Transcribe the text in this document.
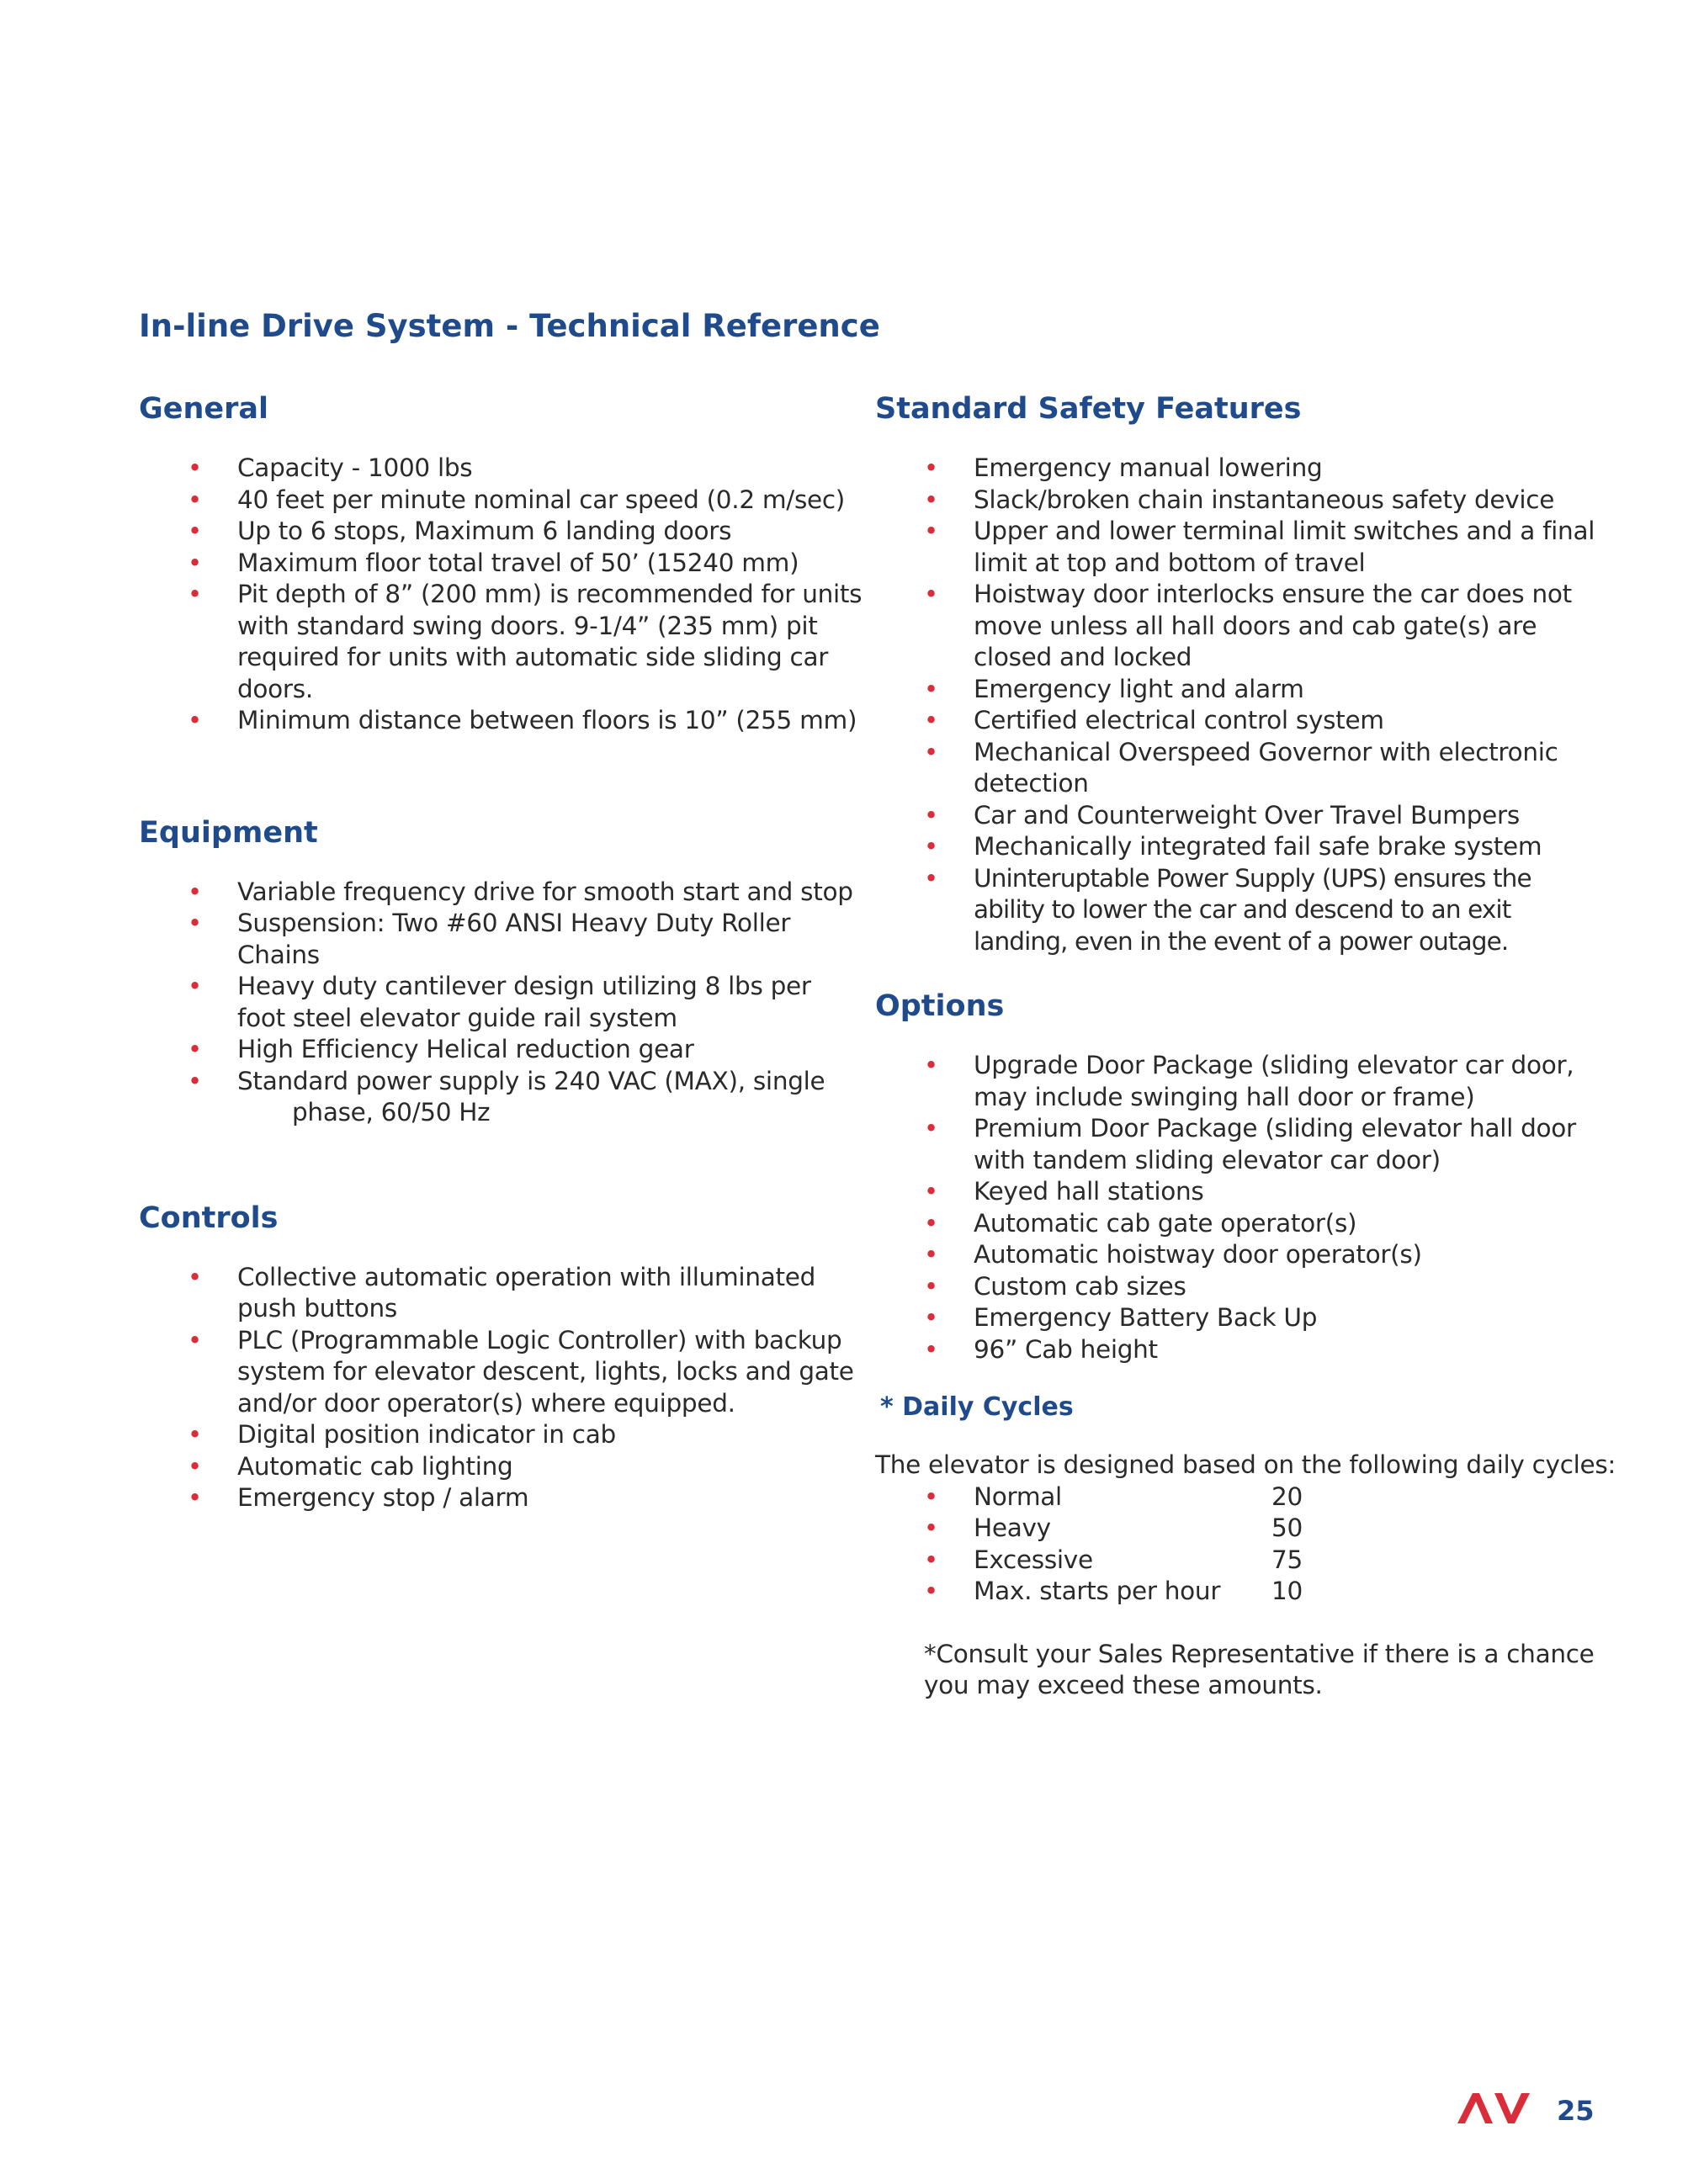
In-line Drive System - Technical Reference
General
• Capacity - 1000 lbs
• 40 feet per minute nominal car speed (0.2 m/sec)
• Up to 6 stops, Maximum 6 landing doors
• Maximum floor total travel of 50’ (15240 mm)
• Pit depth of 8” (200 mm) is recommended for units with standard swing doors. 9-1/4” (235 mm) pit required for units with automatic side sliding car doors.
• Minimum distance between floors is 10” (255 mm)
Equipment
• Variable frequency drive for smooth start and stop
• Suspension: Two #60 ANSI Heavy Duty Roller Chains
• Heavy duty cantilever design utilizing 8 lbs per foot steel elevator guide rail system
• High Efficiency Helical reduction gear
• Standard power supply is 240 VAC (MAX), single
phase, 60/50 Hz
Controls
• Collective automatic operation with illuminated push buttons
• PLC (Programmable Logic Controller) with backup system for elevator descent, lights, locks and gate and/or door operator(s) where equipped.
• Digital position indicator in cab
• Automatic cab lighting
• Emergency stop / alarm
Standard Safety Features
• Emergency manual lowering
• Slack/broken chain instantaneous safety device
• Upper and lower terminal limit switches and a final limit at top and bottom of travel
• Hoistway door interlocks ensure the car does not move unless all hall doors and cab gate(s) are closed and locked
• Emergency light and alarm
• Certified electrical control system
• Mechanical Overspeed Governor with electronic detection
• Car and Counterweight Over Travel Bumpers
• Mechanically integrated fail safe brake system
• Uninteruptable Power Supply (UPS) ensures the ability to lower the car and descend to an exit landing, even in the event of a power outage.
Options
• Upgrade Door Package (sliding elevator car door, may include swinging hall door or frame)
• Premium Door Package (sliding elevator hall door with tandem sliding elevator car door)
• Keyed hall stations
• Automatic cab gate operator(s)
• Automatic hoistway door operator(s)
• Custom cab sizes
• Emergency Battery Back Up
• 96” Cab height
* Daily Cycles

The elevator is designed based on the following daily cycles:

• Normal	20
• Heavy	50
• Excessive	75
• Max. starts per hour 10

*Consult your Sales Representative if there is a chance you may exceed these amounts.

25
